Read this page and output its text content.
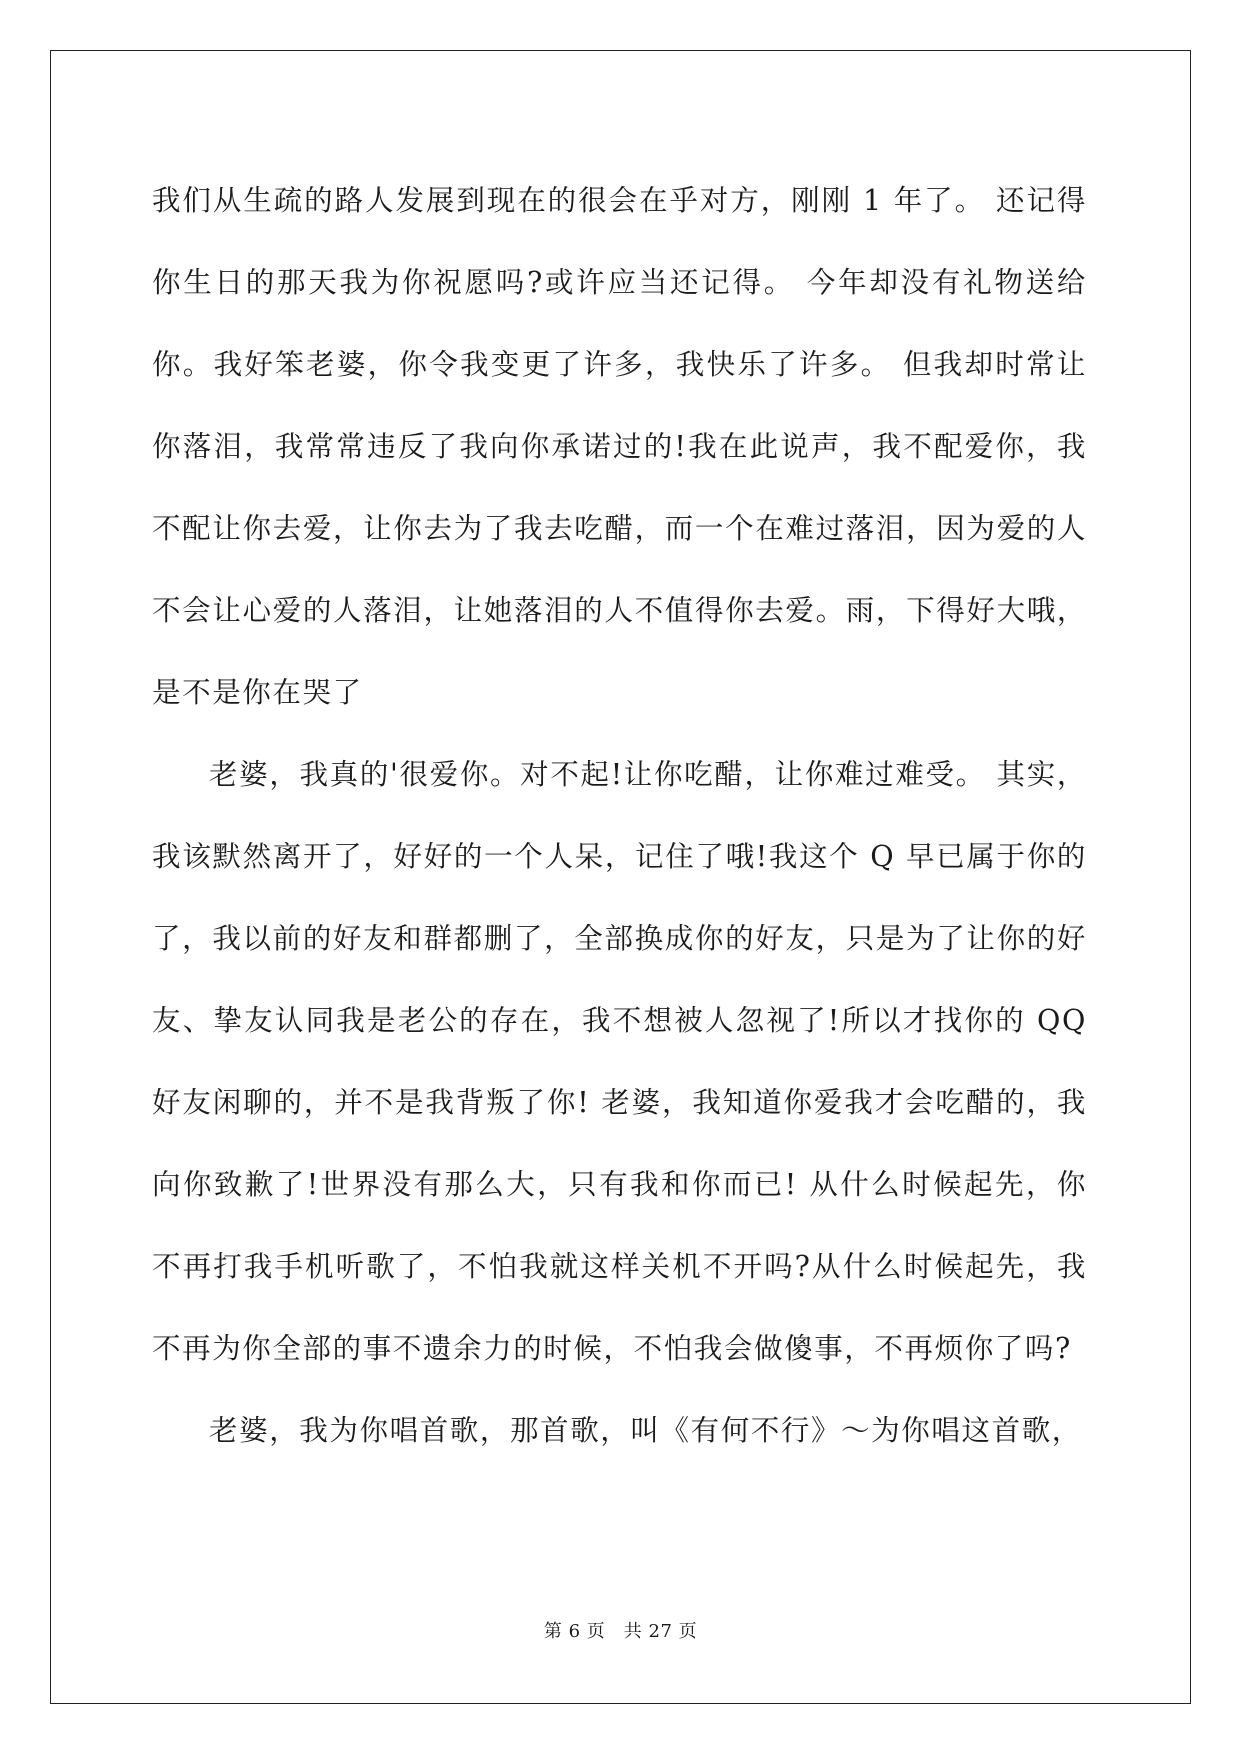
我们从生疏的路人发展到现在的很会在乎对方，刚刚 1 年了。 还记得你生日的那天我为你祝愿吗?或许应当还记得。 今年却没有礼物送给你。我好笨老婆，你令我变更了许多，我快乐了许多。 但我却时常让你落泪，我常常违反了我向你承诺过的!我在此说声，我不配爱你，我不配让你去爱，让你去为了我去吃醋，而一个在难过落泪，因为爱的人不会让心爱的人落泪，让她落泪的人不值得你去爱。雨，下得好大哦，是不是你在哭了

老婆，我真的'很爱你。对不起!让你吃醋，让你难过难受。 其实，我该默然离开了，好好的一个人呆，记住了哦!我这个 Q 早已属于你的了，我以前的好友和群都删了，全部换成你的好友，只是为了让你的好友、挚友认同我是老公的存在，我不想被人忽视了!所以才找你的 QQ 好友闲聊的，并不是我背叛了你! 老婆，我知道你爱我才会吃醋的，我向你致歉了!世界没有那么大，只有我和你而已! 从什么时候起先，你不再打我手机听歌了，不怕我就这样关机不开吗?从什么时候起先，我不再为你全部的事不遗余力的时候，不怕我会做傻事，不再烦你了吗?

老婆，我为你唱首歌，那首歌，叫《有何不行》～为你唱这首歌，

第 6 页　共 27 页
